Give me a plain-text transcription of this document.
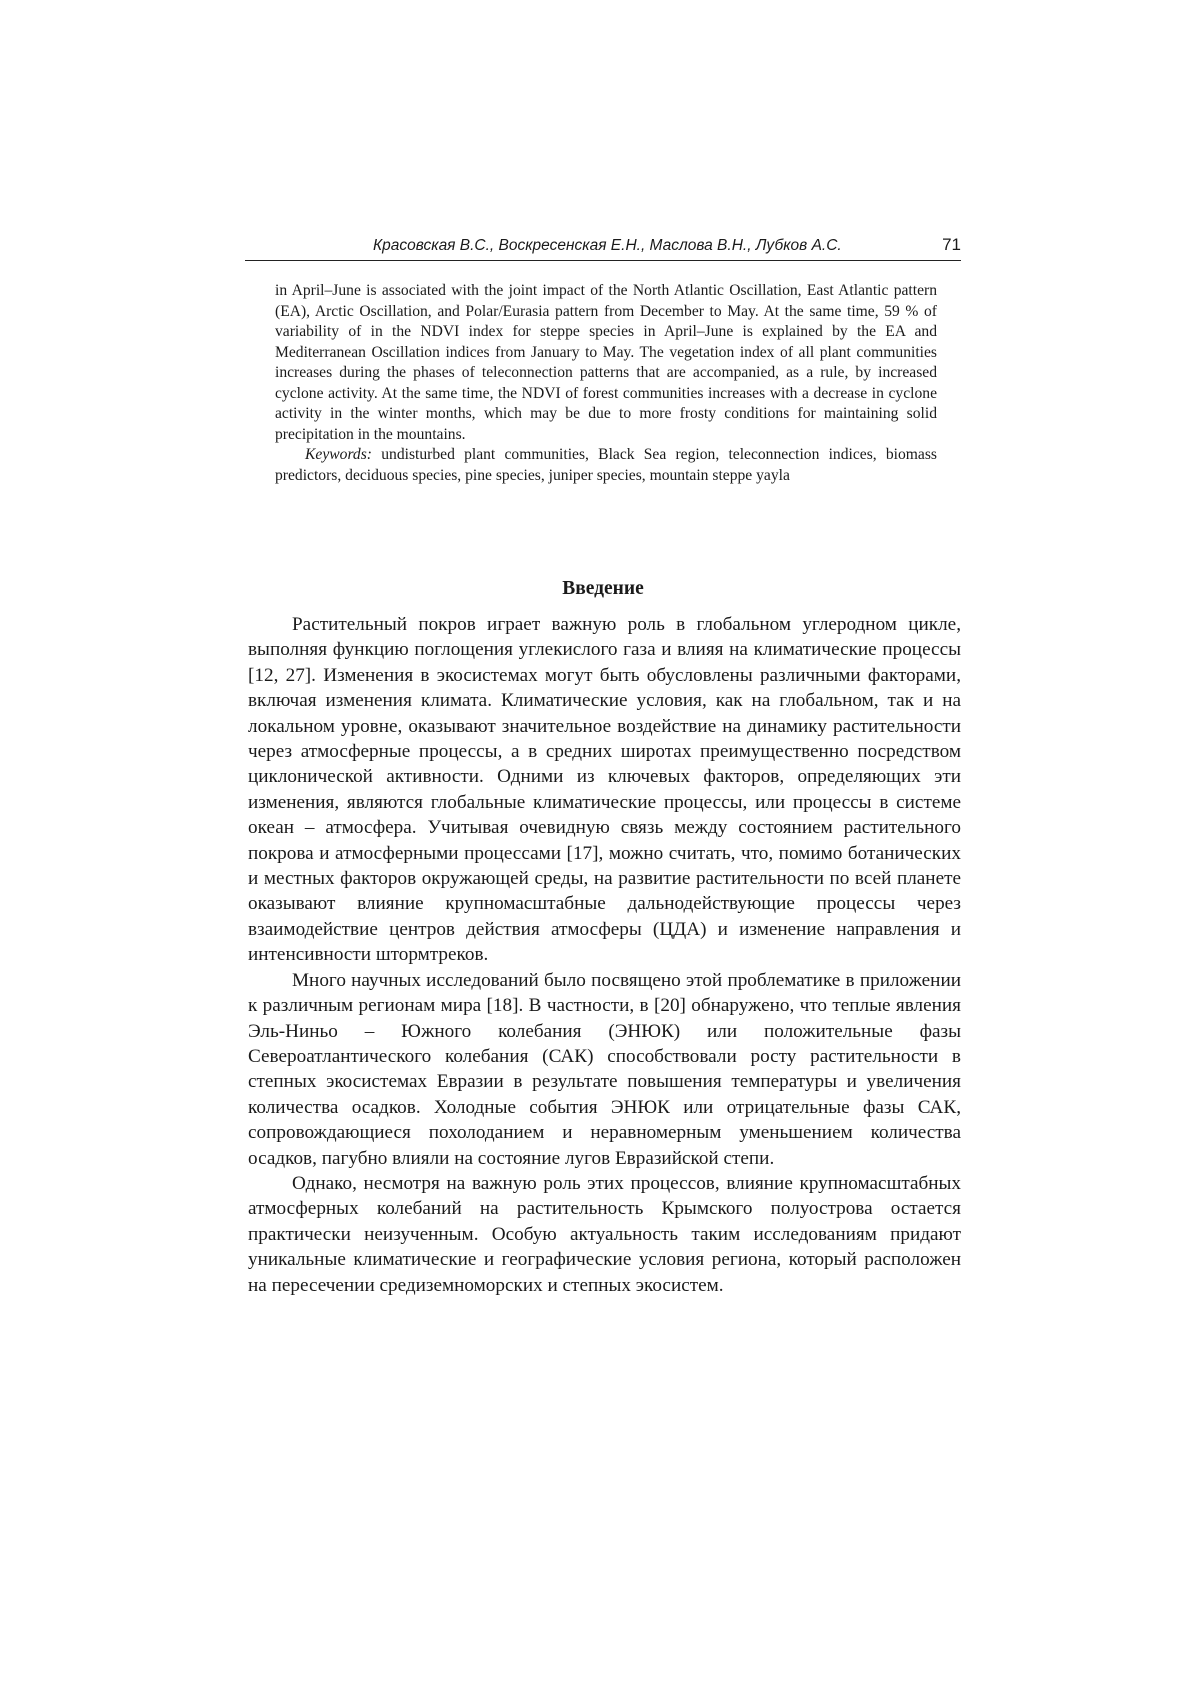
Красовская В.С., Воскресенская Е.Н., Маслова В.Н., Лубков А.С.	71

in April–June is associated with the joint impact of the North Atlantic Oscillation, East Atlantic pattern (EA), Arctic Oscillation, and Polar/Eurasia pattern from December to May. At the same time, 59 % of variability of in the NDVI index for steppe species in April–June is explained by the EA and Mediterranean Oscillation indices from January to May. The vegetation index of all plant communities increases during the phases of teleconnection patterns that are accompanied, as a rule, by increased cyclone activity. At the same time, the NDVI of forest communities increases with a decrease in cyclone activity in the winter months, which may be due to more frosty conditions for maintaining solid precipitation in the mountains.

Keywords: undisturbed plant communities, Black Sea region, teleconnection indices, biomass predictors, deciduous species, pine species, juniper species, mountain steppe yayla

Введение

Растительный покров играет важную роль в глобальном углеродном цикле, выполняя функцию поглощения углекислого газа и влияя на климатические процессы [12, 27]. Изменения в экосистемах могут быть обусловлены различными факторами, включая изменения климата. Климатические условия, как на глобальном, так и на локальном уровне, оказывают значительное воздействие на динамику растительности через атмосферные процессы, а в средних широтах преимущественно посредством циклонической активности. Одними из ключевых факторов, определяющих эти изменения, являются глобальные климатические процессы, или процессы в системе океан – атмосфера. Учитывая очевидную связь между состоянием растительного покрова и атмосферными процессами [17], можно считать, что, помимо ботанических и местных факторов окружающей среды, на развитие растительности по всей планете оказывают влияние крупномасштабные дальнодействующие процессы через взаимодействие центров действия атмосферы (ЦДА) и изменение направления и интенсивности штормтреков.

Много научных исследований было посвящено этой проблематике в приложении к различным регионам мира [18]. В частности, в [20] обнаружено, что теплые явления Эль-Ниньо – Южного колебания (ЭНЮК) или положительные фазы Североатлантического колебания (САК) способствовали росту растительности в степных экосистемах Евразии в результате повышения температуры и увеличения количества осадков. Холодные события ЭНЮК или отрицательные фазы САК, сопровождающиеся похолоданием и неравномерным уменьшением количества осадков, пагубно влияли на состояние лугов Евразийской степи.

Однако, несмотря на важную роль этих процессов, влияние крупномасштабных атмосферных колебаний на растительность Крымского полуострова остается практически неизученным. Особую актуальность таким исследованиям придают уникальные климатические и географические условия региона, который расположен на пересечении средиземноморских и степных экосистем.
